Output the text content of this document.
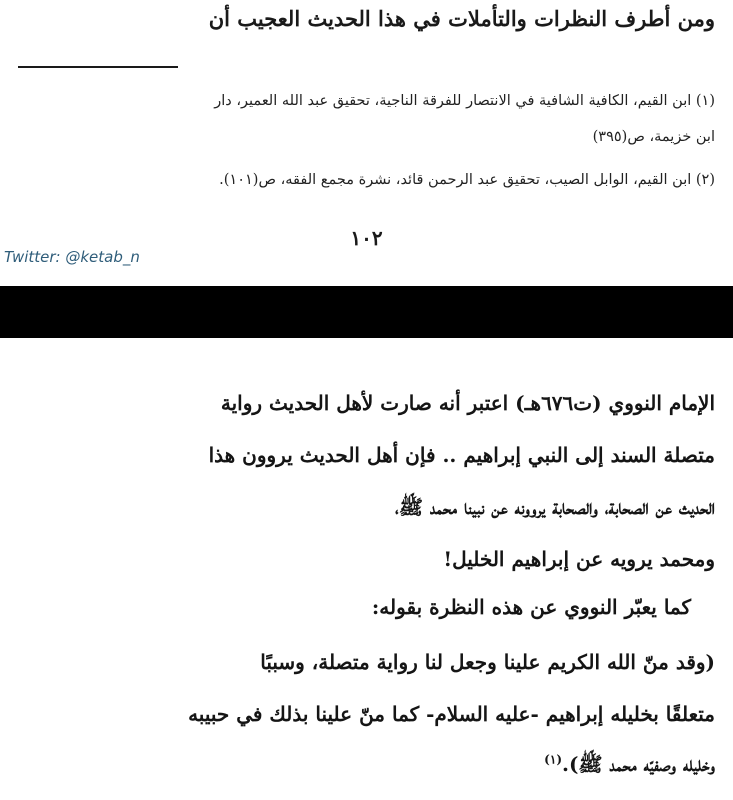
ومن أطرف النظرات والتأملات في هذا الحديث العجيب أن
(١) ابن القيم، الكافية الشافية في الانتصار للفرقة الناجية، تحقيق عبد الله العمير، دار
ابن خزيمة، ص(٣٩٥)
(٢) ابن القيم، الوابل الصيب، تحقيق عبد الرحمن قائد، نشرة مجمع الفقه، ص(١٠١).
١٠٢
Twitter: @ketab_n
الإمام النووي (ت٦٧٦هـ) اعتبر أنه صارت لأهل الحديث رواية
متصلة السند إلى النبي إبراهيم .. فإن أهل الحديث يروون هذا
الحديث عن الصحابة، والصحابة يروونه عن نبينا محمد ﷺ،
ومحمد يرويه عن إبراهيم الخليل!
كما يعبّر النووي عن هذه النظرة بقوله:
(وقد منّ الله الكريم علينا وجعل لنا رواية متصلة، وسببًا
متعلقًا بخليله إبراهيم -عليه السلام- كما منّ علينا بذلك في حبيبه
وخليله وصفيّه محمد ﷺ).$^{(١)}$
